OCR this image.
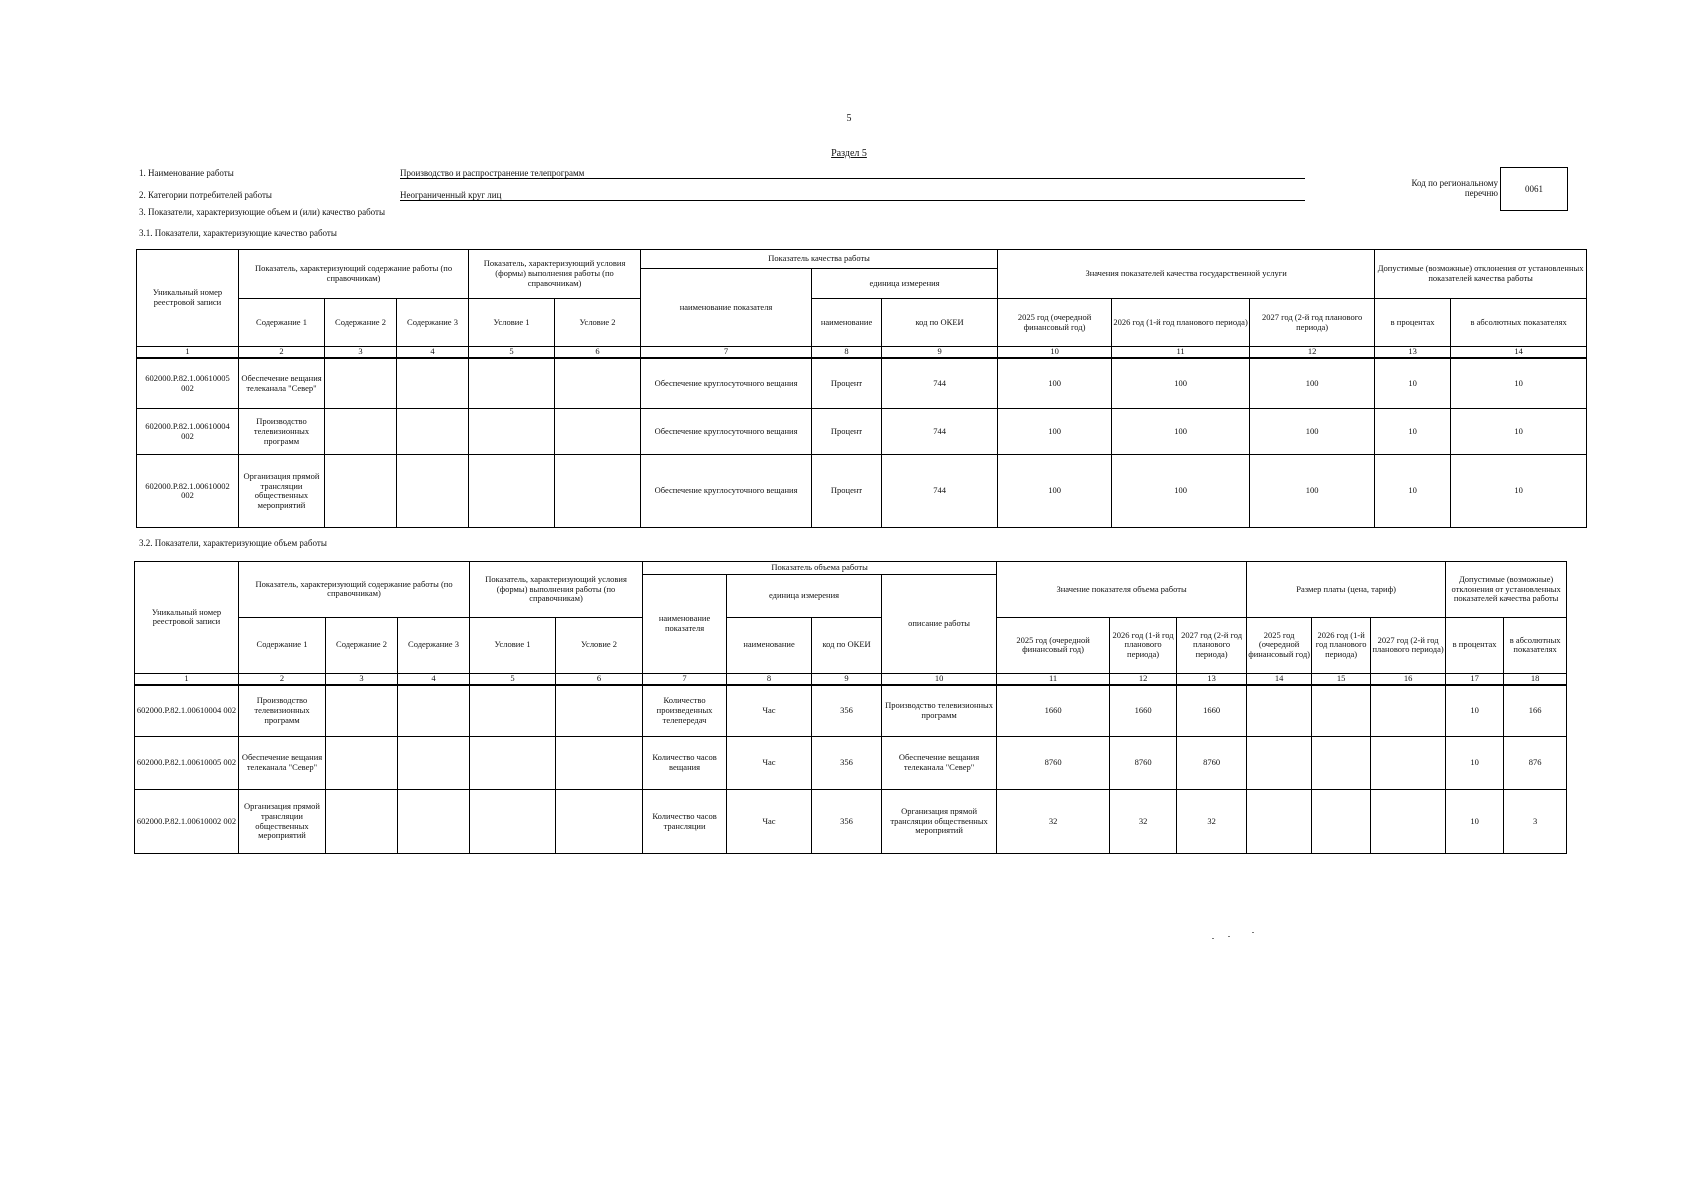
5
Раздел 5
1. Наименование работы	Производство и распространение телепрограмм
2. Категории потребителей работы	Неограниченный круг лиц
3. Показатели, характеризующие объем и (или) качество работы
Код по региональному
перечню	0061
3.1. Показатели, характеризующие качество работы
Уникальный номер реестровой записи	Показатель, характеризующий содержание работы (по справочникам)			Показатель, характеризующий условия (формы) выполнения работы (по справочникам)		Показатель качества работы			Значения показателей качества государственной услуги			Допустимые (возможные) отклонения от установленных показателей качества работы	
						наименование показателя	единица измерения						
	Содержание 1	Содержание 2	Содержание 3	Условие 1	Условие 2		наименование	код по ОКЕИ	2025 год (очередной финансовый год)	2026 год (1-й год планового периода)	2027 год (2-й год планового периода)	в процентах	в абсолютных показателях
1	2	3	4	5	6	7	8	9	10	11	12	13	14
602000.Р.82.1.00610005 002	Обеспечение вещания телеканала "Север"					Обеспечение круглосуточного вещания	Процент	744	100	100	100	10	10
602000.Р.82.1.00610004 002	Производство телевизионных программ					Обеспечение круглосуточного вещания	Процент	744	100	100	100	10	10
602000.Р.82.1.00610002 002	Организация прямой трансляции общественных мероприятий					Обеспечение круглосуточного вещания	Процент	744	100	100	100	10	10
3.2. Показатели, характеризующие объем работы
Уникальный номер реестровой записи	Показатель, характеризующий содержание работы (по справочникам)			Показатель, характеризующий условия (формы) выполнения работы (по справочникам)		Показатель объема работы				Значение показателя объема работы			Размер платы (цена, тариф)			Допустимые (возможные) отклонения от установленных показателей качества работы	
						наименование показателя	единица измерения		описание работы								
	Содержание 1	Содержание 2	Содержание 3	Условие 1	Условие 2		наименование	код по ОКЕИ		2025 год (очередной финансовый год)	2026 год (1-й год планового периода)	2027 год (2-й год планового периода)	2025 год (очередной финансовый год)	2026 год (1-й год планового периода)	2027 год (2-й год планового периода)	в процентах	в абсолютных показателях
1	2	3	4	5	6	7	8	9	10	11	12	13	14	15	16	17	18
602000.Р.82.1.00610004 002	Производство телевизионных программ					Количество произведенных телепередач	Час	356	Производство телевизионных программ	1660	1660	1660				10	166
602000.Р.82.1.00610005 002	Обеспечение вещания телеканала "Север"					Количество часов вещания	Час	356	Обеспечение вещания телеканала "Север"	8760	8760	8760				10	876
602000.Р.82.1.00610002 002	Организация прямой трансляции общественных мероприятий					Количество часов трансляции	Час	356	Организация прямой трансляции общественных мероприятий	32	32	32				10	3
